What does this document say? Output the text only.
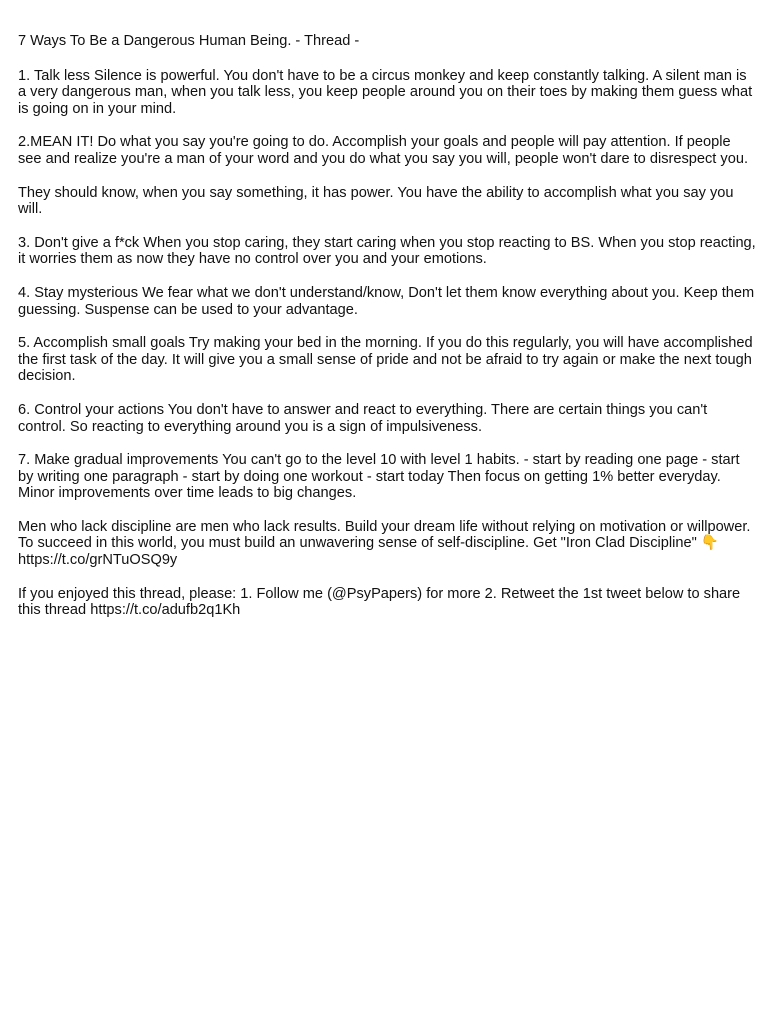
7 Ways To Be a Dangerous Human Being. - Thread -

1. Talk less Silence is powerful. You don't have to be a circus monkey and keep constantly talking. A silent man is a very dangerous man, when you talk less, you keep people around you on their toes by making them guess what is going on in your mind.

2.MEAN IT! Do what you say you're going to do. Accomplish your goals and people will pay attention. If people see and realize you're a man of your word and you do what you say you will, people won't dare to disrespect you.

They should know, when you say something, it has power. You have the ability to accomplish what you say you will.

3. Don't give a f*ck When you stop caring, they start caring when you stop reacting to BS. When you stop reacting, it worries them as now they have no control over you and your emotions.

4. Stay mysterious We fear what we don't understand/know, Don't let them know everything about you. Keep them guessing. Suspense can be used to your advantage.

5. Accomplish small goals Try making your bed in the morning. If you do this regularly, you will have accomplished the first task of the day. It will give you a small sense of pride and not be afraid to try again or make the next tough decision.

6. Control your actions You don't have to answer and react to everything. There are certain things you can't control. So reacting to everything around you is a sign of impulsiveness.

7. Make gradual improvements You can't go to the level 10 with level 1 habits. - start by reading one page - start by writing one paragraph - start by doing one workout - start today Then focus on getting 1% better everyday. Minor improvements over time leads to big changes.

Men who lack discipline are men who lack results. Build your dream life without relying on motivation or willpower. To succeed in this world, you must build an unwavering sense of self-discipline. Get "Iron Clad Discipline" 👇 https://t.co/grNTuOSQ9y

If you enjoyed this thread, please: 1. Follow me (@PsyPapers) for more 2. Retweet the 1st tweet below to share this thread https://t.co/adufb2q1Kh
